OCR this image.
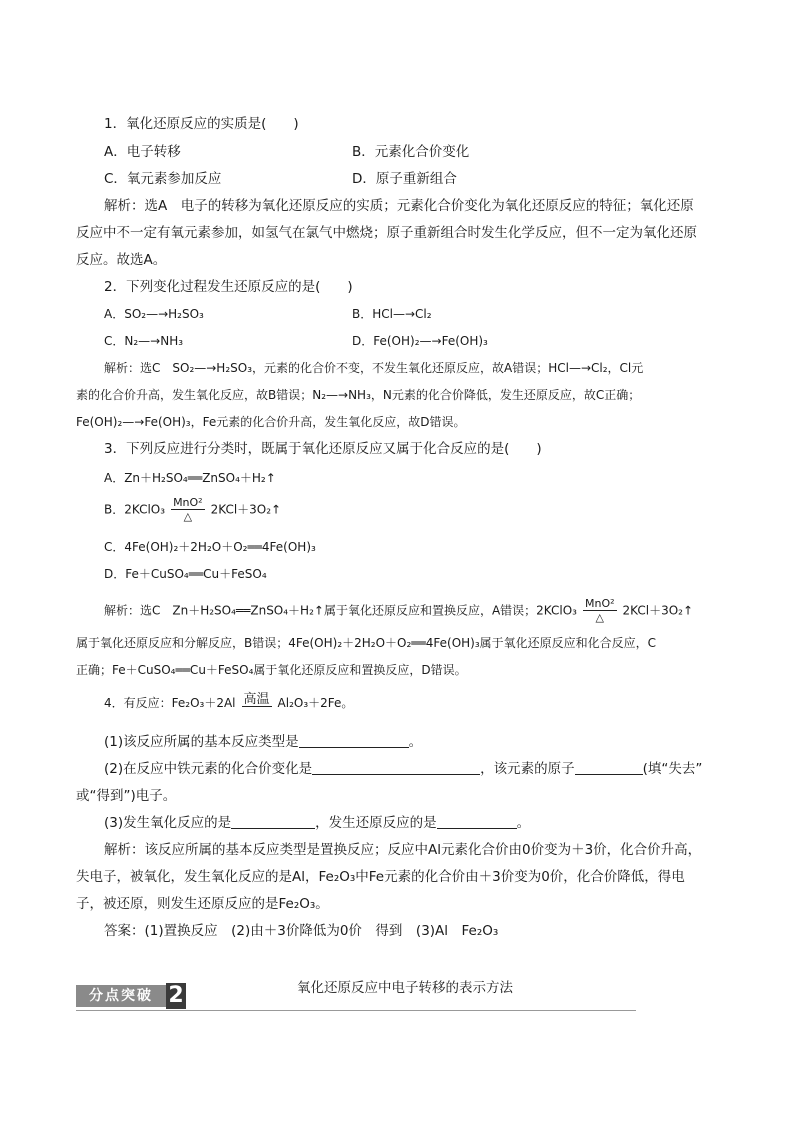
1．氧化还原反应的实质是(　　)
A．电子转移	B．元素化合价变化
C．氧元素参加反应	D．原子重新组合
解析：选A　电子的转移为氧化还原反应的实质；元素化合价变化为氧化还原反应的特征；氧化还原
反应中不一定有氧元素参加，如氢气在氯气中燃烧；原子重新组合时发生化学反应，但不一定为氧化还原
反应。故选A。
2．下列变化过程发生还原反应的是(　　)
A．SO₂—→H₂SO₃	B．HCl—→Cl₂
C．N₂—→NH₃	D．Fe(OH)₂—→Fe(OH)₃
解析：选C　SO₂—→H₂SO₃，元素的化合价不变，不发生氧化还原反应，故A错误；HCl—→Cl₂，Cl元
素的化合价升高，发生氧化反应，故B错误；N₂—→NH₃，N元素的化合价降低，发生还原反应，故C正确；
Fe(OH)₂—→Fe(OH)₃，Fe元素的化合价升高，发生氧化反应，故D错误。
3．下列反应进行分类时，既属于氧化还原反应又属于化合反应的是(　　)
A．Zn＋H₂SO₄══ZnSO₄＋H₂↑
B．2KClO₃ MnO²
△	2KCl＋3O₂↑
C．4Fe(OH)₂＋2H₂O＋O₂══4Fe(OH)₃
D．Fe＋CuSO₄══Cu＋FeSO₄
解析：选C　Zn＋H₂SO₄══ZnSO₄＋H₂↑属于氧化还原反应和置换反应，A错误；2KClO₃ MnO²
△	2KCl＋3O₂↑
属于氧化还原反应和分解反应，B错误；4Fe(OH)₂＋2H₂O＋O₂══4Fe(OH)₃属于氧化还原反应和化合反应，C
正确；Fe＋CuSO₄══Cu＋FeSO₄属于氧化还原反应和置换反应，D错误。
4．有反应：Fe₂O₃＋2Al 高温 Al₂O₃＋2Fe。
(1)该反应所属的基本反应类型是	。
(2)在反应中铁元素的化合价变化是	，该元素的原子	(填“失去”
或“得到”)电子。
(3)发生氧化反应的是	，发生还原反应的是	。
解析：该反应所属的基本反应类型是置换反应；反应中Al元素化合价由0价变为＋3价，化合价升高，
失电子，被氧化，发生氧化反应的是Al，Fe₂O₃中Fe元素的化合价由＋3价变为0价，化合价降低，得电
子，被还原，则发生还原反应的是Fe₂O₃。
答案：(1)置换反应　(2)由＋3价降低为0价　得到　(3)Al　Fe₂O₃
分点突破 2	氧化还原反应中电子转移的表示方法
